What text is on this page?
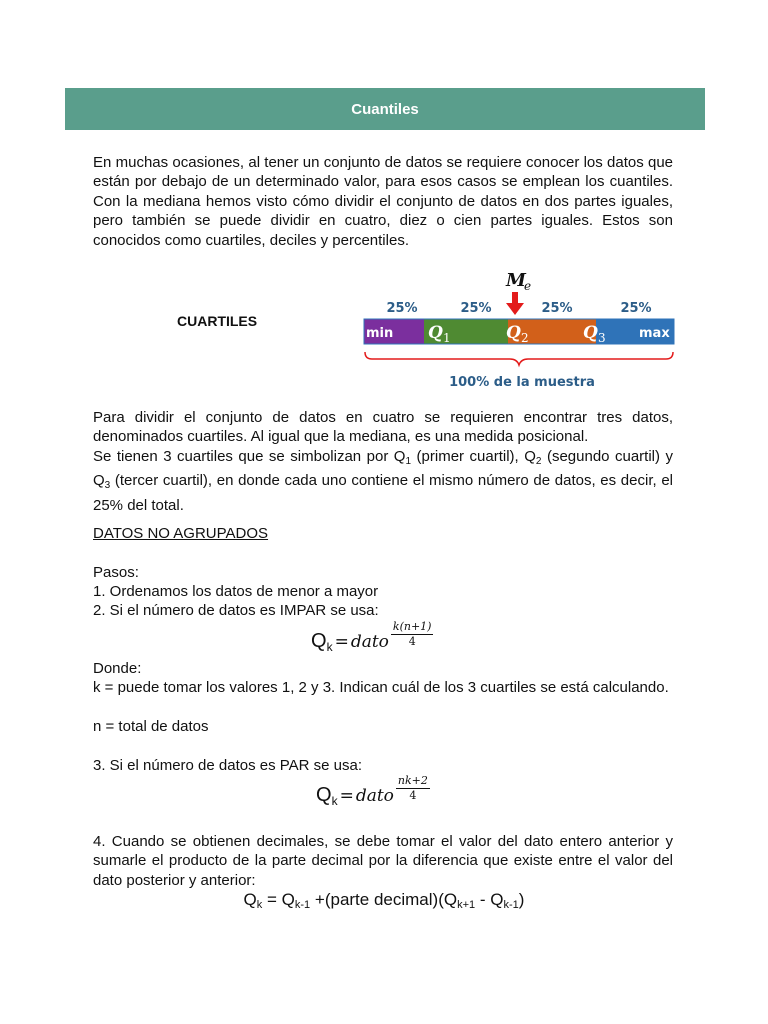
Cuantiles

En muchas ocasiones, al tener un conjunto de datos se requiere conocer los datos que están por debajo de un determinado valor, para esos casos se emplean los cuantiles. Con la mediana hemos visto cómo dividir el conjunto de datos en dos partes iguales, pero también se puede dividir en cuatro, diez o cien partes iguales. Estos son conocidos como cuartiles, deciles y percentiles.

CUARTILES
M
e
25%	25%	25%	25%
min Q 1	Q 2	Q 3	max
100% de la muestra

Para dividir el conjunto de datos en cuatro se requieren encontrar tres datos, denominados cuartiles. Al igual que la mediana, es una medida posicional.

Se tienen 3 cuartiles que se simbolizan por $Q_1$ (primer cuartil), $Q_2$ (segundo cuartil) y $Q_3$ (tercer cuartil), en donde cada uno contiene el mismo número de datos, es decir, el 25% del total.

DATOS NO AGRUPADOS

Pasos:

1. Ordenamos los datos de menor a mayor

2. Si el número de datos es IMPAR se usa:

$Q_k$ = dato $\frac{k(n+1)}{4}$

Donde:

k = puede tomar los valores 1, 2 y 3. Indican cuál de los 3 cuartiles se está calculando.

n = total de datos

3. Si el número de datos es PAR se usa:

$Q_k$ = dato $\frac{nk+2}{4}$

4. Cuando se obtienen decimales, se debe tomar el valor del dato entero anterior y sumarle el producto de la parte decimal por la diferencia que existe entre el valor del dato posterior y anterior:

$Q_k = Q_{k-1}$ +(parte $decimal)(Q_{k+1} - Q_{k-1})$
